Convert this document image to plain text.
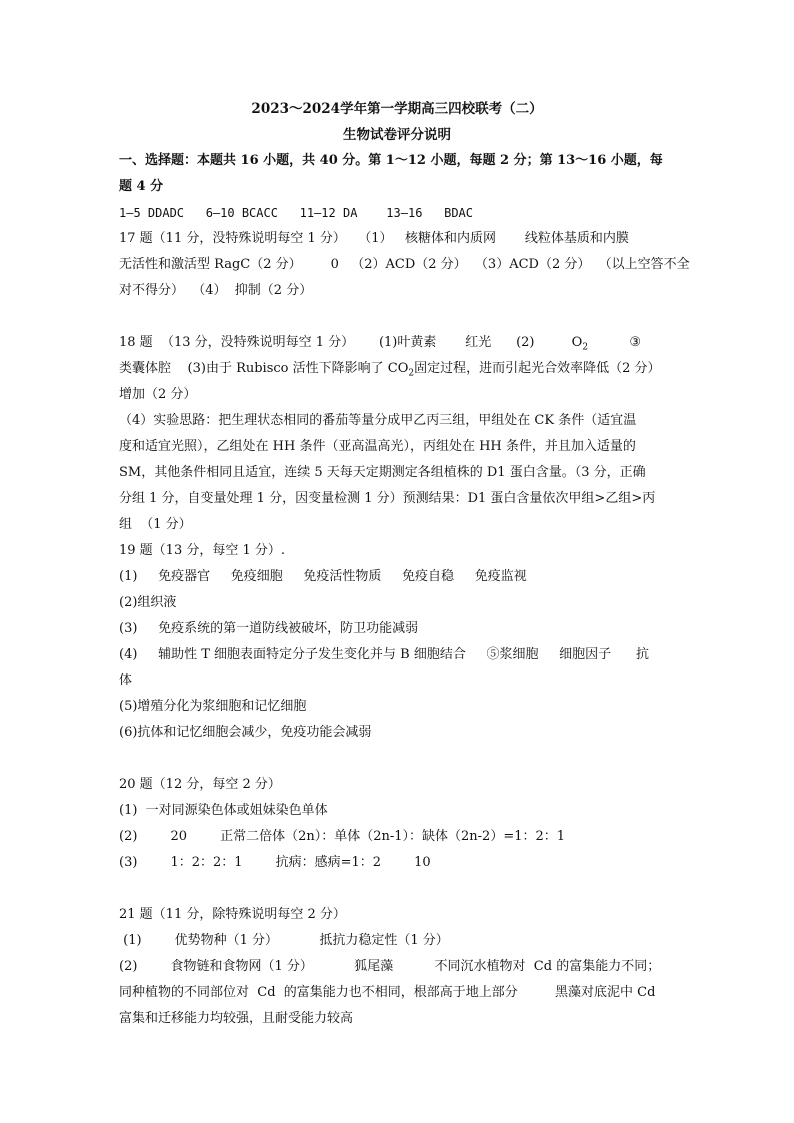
2023～2024学年第一学期高三四校联考（二）
生物试卷评分说明
一、选择题：本题共 16 小题，共 40 分。第 1～12 小题，每题 2 分；第 13～16 小题，每
题 4 分
1—5 DDADC   6—10 BCACC   11—12 DA    13—16   BDAC
17 题（11 分，没特殊说明每空 1 分）   （1）   核糖体和内质网       线粒体基质和内膜
无活性和激活型 RagC（2 分）       0   （2）ACD（2 分）  （3）ACD（2 分）  （以上空答不全
对不得分）  （4）  抑制（2 分）
18 题  （13 分，没特殊说明每空 1 分）      (1)叶黄素       红光      (2)         $O_2$          ③
类囊体腔    (3)由于 Rubisco 活性下降影响了 $CO_2$固定过程，进而引起光合效率降低（2 分）
增加（2 分）
（4）实验思路：把生理状态相同的番茄等量分成甲乙丙三组，甲组处在 CK 条件（适宜温
度和适宜光照），乙组处在 HH 条件（亚高温高光），丙组处在 HH 条件，并且加入适量的
SM，其他条件相同且适宜，连续 5 天每天定期测定各组植株的 D1 蛋白含量。（3 分，正确
分组 1 分，自变量处理 1 分，因变量检测 1 分）预测结果：D1 蛋白含量依次甲组>乙组>丙
组  （1 分）
19 题（13 分，每空 1 分）.
(1)     免疫器官     免疫细胞     免疫活性物质     免疫自稳     免疫监视
(2)组织液
(3)     免疫系统的第一道防线被破坏，防卫功能减弱
(4)     辅助性 T 细胞表面特定分子发生变化并与 B 细胞结合     ⑤浆细胞     细胞因子      抗
体
(5)增殖分化为浆细胞和记忆细胞
(6)抗体和记忆细胞会减少，免疫功能会减弱
20 题（12 分，每空 2 分）
(1)  一对同源染色体或姐妹染色单体
(2)        20        正常二倍体（2n）：单体（2n-1）：缺体（2n-2）=1：2：1
(3)        1：2：2：1        抗病：感病=1：2        10
21 题（11 分，除特殊说明每空 2 分）
(1)        优势物种（1 分）          抵抗力稳定性（1 分）
(2)        食物链和食物网（1 分）          狐尾藻          不同沉水植物对  Cd 的富集能力不同；
同种植物的不同部位对  Cd  的富集能力也不相同，根部高于地上部分         黑藻对底泥中 Cd
富集和迁移能力均较强，且耐受能力较高
